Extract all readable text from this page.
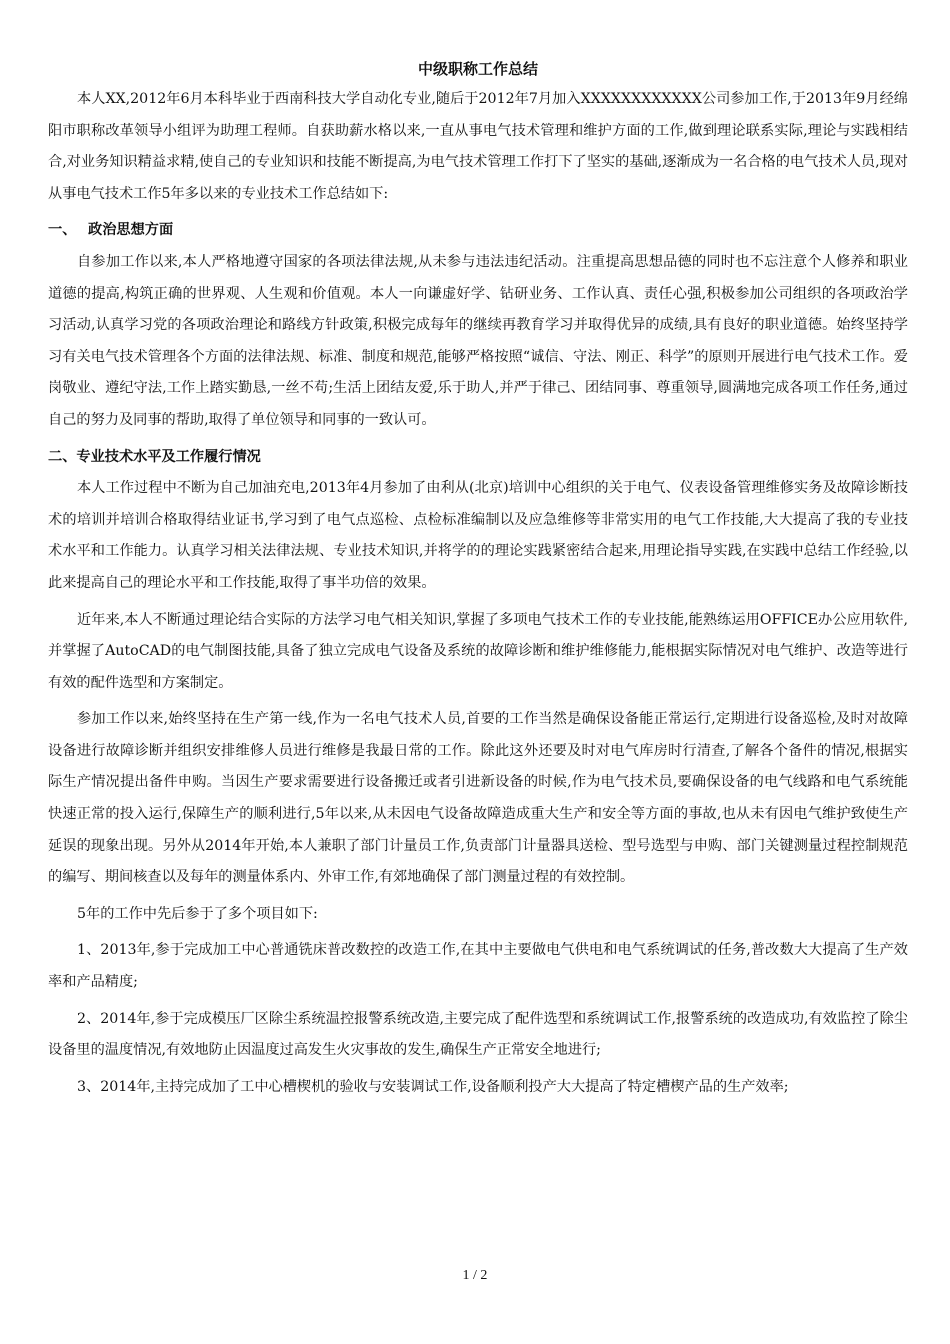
中级职称工作总结

本人XX,2012年6月本科毕业于西南科技大学自动化专业,随后于2012年7月加入XXXXXXXXXXXX公司参加工作,于2013年9月经绵阳市职称改革领导小组评为助理工程师。自获助薪水格以来,一直从事电气技术管理和维护方面的工作,做到理论联系实际,理论与实践相结合,对业务知识精益求精,使自己的专业知识和技能不断提高,为电气技术管理工作打下了坚实的基础,逐渐成为一名合格的电气技术人员,现对从事电气技术工作5年多以来的专业技术工作总结如下:

一、 政治思想方面

自参加工作以来,本人严格地遵守国家的各项法律法规,从未参与违法违纪活动。注重提高思想品德的同时也不忘注意个人修养和职业道德的提高,构筑正确的世界观、人生观和价值观。本人一向谦虚好学、钻研业务、工作认真、责任心强,积极参加公司组织的各项政治学习活动,认真学习党的各项政治理论和路线方针政策,积极完成每年的继续再教育学习并取得优异的成绩,具有良好的职业道德。始终坚持学习有关电气技术管理各个方面的法律法规、标准、制度和规范,能够严格按照“诚信、守法、刚正、科学”的原则开展进行电气技术工作。爱岗敬业、遵纪守法,工作上踏实勤恳,一丝不苟;生活上团结友爱,乐于助人,并严于律己、团结同事、尊重领导,圆满地完成各项工作任务,通过自己的努力及同事的帮助,取得了单位领导和同事的一致认可。

二、专业技术水平及工作履行情况

本人工作过程中不断为自己加油充电,2013年4月参加了由利从(北京)培训中心组织的关于电气、仪表设备管理维修实务及故障诊断技术的培训并培训合格取得结业证书,学习到了电气点巡检、点检标准编制以及应急维修等非常实用的电气工作技能,大大提高了我的专业技术水平和工作能力。认真学习相关法律法规、专业技术知识,并将学的的理论实践紧密结合起来,用理论指导实践,在实践中总结工作经验,以此来提高自己的理论水平和工作技能,取得了事半功倍的效果。

近年来,本人不断通过理论结合实际的方法学习电气相关知识,掌握了多项电气技术工作的专业技能,能熟练运用OFFICE办公应用软件,并掌握了AutoCAD的电气制图技能,具备了独立完成电气设备及系统的故障诊断和维护维修能力,能根据实际情况对电气维护、改造等进行有效的配件选型和方案制定。

参加工作以来,始终坚持在生产第一线,作为一名电气技术人员,首要的工作当然是确保设备能正常运行,定期进行设备巡检,及时对故障设备进行故障诊断并组织安排维修人员进行维修是我最日常的工作。除此这外还要及时对电气库房时行清查,了解各个备件的情况,根据实际生产情况提出备件申购。当因生产要求需要进行设备搬迁或者引进新设备的时候,作为电气技术员,要确保设备的电气线路和电气系统能快速正常的投入运行,保障生产的顺利进行,5年以来,从未因电气设备故障造成重大生产和安全等方面的事故,也从未有因电气维护致使生产延误的现象出现。另外从2014年开始,本人兼职了部门计量员工作,负责部门计量器具送检、型号选型与申购、部门关键测量过程控制规范的编写、期间核查以及每年的测量体系内、外审工作,有郊地确保了部门测量过程的有效控制。

5年的工作中先后参于了多个项目如下:

1、2013年,参于完成加工中心普通铣床普改数控的改造工作,在其中主要做电气供电和电气系统调试的任务,普改数大大提高了生产效率和产品精度;

2、2014年,参于完成模压厂区除尘系统温控报警系统改造,主要完成了配件选型和系统调试工作,报警系统的改造成功,有效监控了除尘设备里的温度情况,有效地防止因温度过高发生火灾事故的发生,确保生产正常安全地进行;

3、2014年,主持完成加了工中心槽楔机的验收与安装调试工作,设备顺利投产大大提高了特定槽楔产品的生产效率;

1 / 2
